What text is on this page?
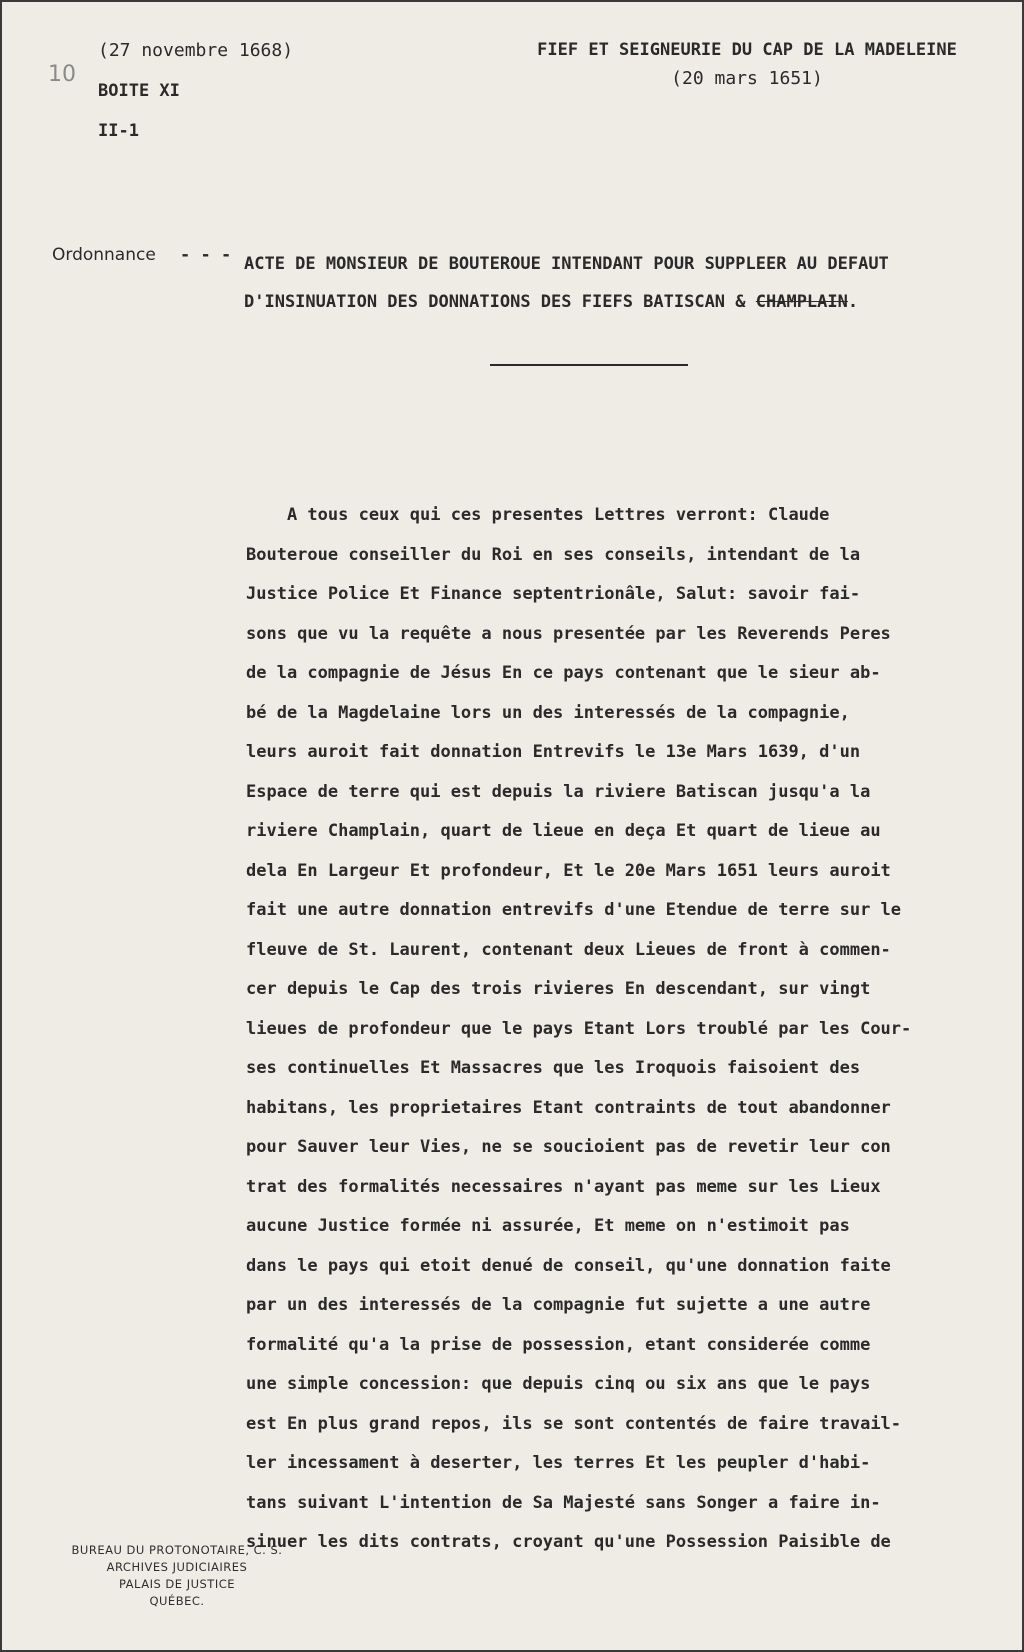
10
(27 novembre 1668)
BOITE XI
II-1
FIEF ET SEIGNEURIE DU CAP DE LA MADELEINE
(20 mars 1651)
Ordonnance - - - ACTE DE MONSIEUR DE BOUTEROUE INTENDANT POUR SUPPLEER AU DEFAUT
D'INSINUATION DES DONNATIONS DES FIEFS BATISCAN & CHAMPLAIN.
A tous ceux qui ces presentes Lettres verront: Claude
Bouteroue conseiller du Roi en ses conseils, intendant de la
Justice Police Et Finance septentrionâle, Salut: savoir fai-
sons que vu la requête a nous presentée par les Reverends Peres
de la compagnie de Jésus En ce pays contenant que le sieur ab-
bé de la Magdelaine lors un des interessés de la compagnie,
leurs auroit fait donnation Entrevifs le 13e Mars 1639, d'un
Espace de terre qui est depuis la riviere Batiscan jusqu'a la
riviere Champlain, quart de lieue en deça Et quart de lieue au
dela En Largeur Et profondeur, Et le 20e Mars 1651 leurs auroit
fait une autre donnation entrevifs d'une Etendue de terre sur le
fleuve de St. Laurent, contenant deux Lieues de front à commen-
cer depuis le Cap des trois rivieres En descendant, sur vingt
lieues de profondeur que le pays Etant Lors troublé par les Cour-
ses continuelles Et Massacres que les Iroquois faisoient des
habitans, les proprietaires Etant contraints de tout abandonner
pour Sauver leur Vies, ne se soucioient pas de revetir leur con
trat des formalités necessaires n'ayant pas meme sur les Lieux
aucune Justice formée ni assurée, Et meme on n'estimoit pas
dans le pays qui etoit denué de conseil, qu'une donnation faite
par un des interessés de la compagnie fut sujette a une autre
formalité qu'a la prise de possession, etant considerée comme
une simple concession: que depuis cinq ou six ans que le pays
est En plus grand repos, ils se sont contentés de faire travail-
ler incessament à deserter, les terres Et les peupler d'habi-
tans suivant L'intention de Sa Majesté sans Songer a faire in-
sinuer les dits contrats, croyant qu'une Possession Paisible de
BUREAU DU PROTONOTAIRE, C. S.
ARCHIVES JUDICIAIRES
PALAIS DE JUSTICE
QUÉBEC.
